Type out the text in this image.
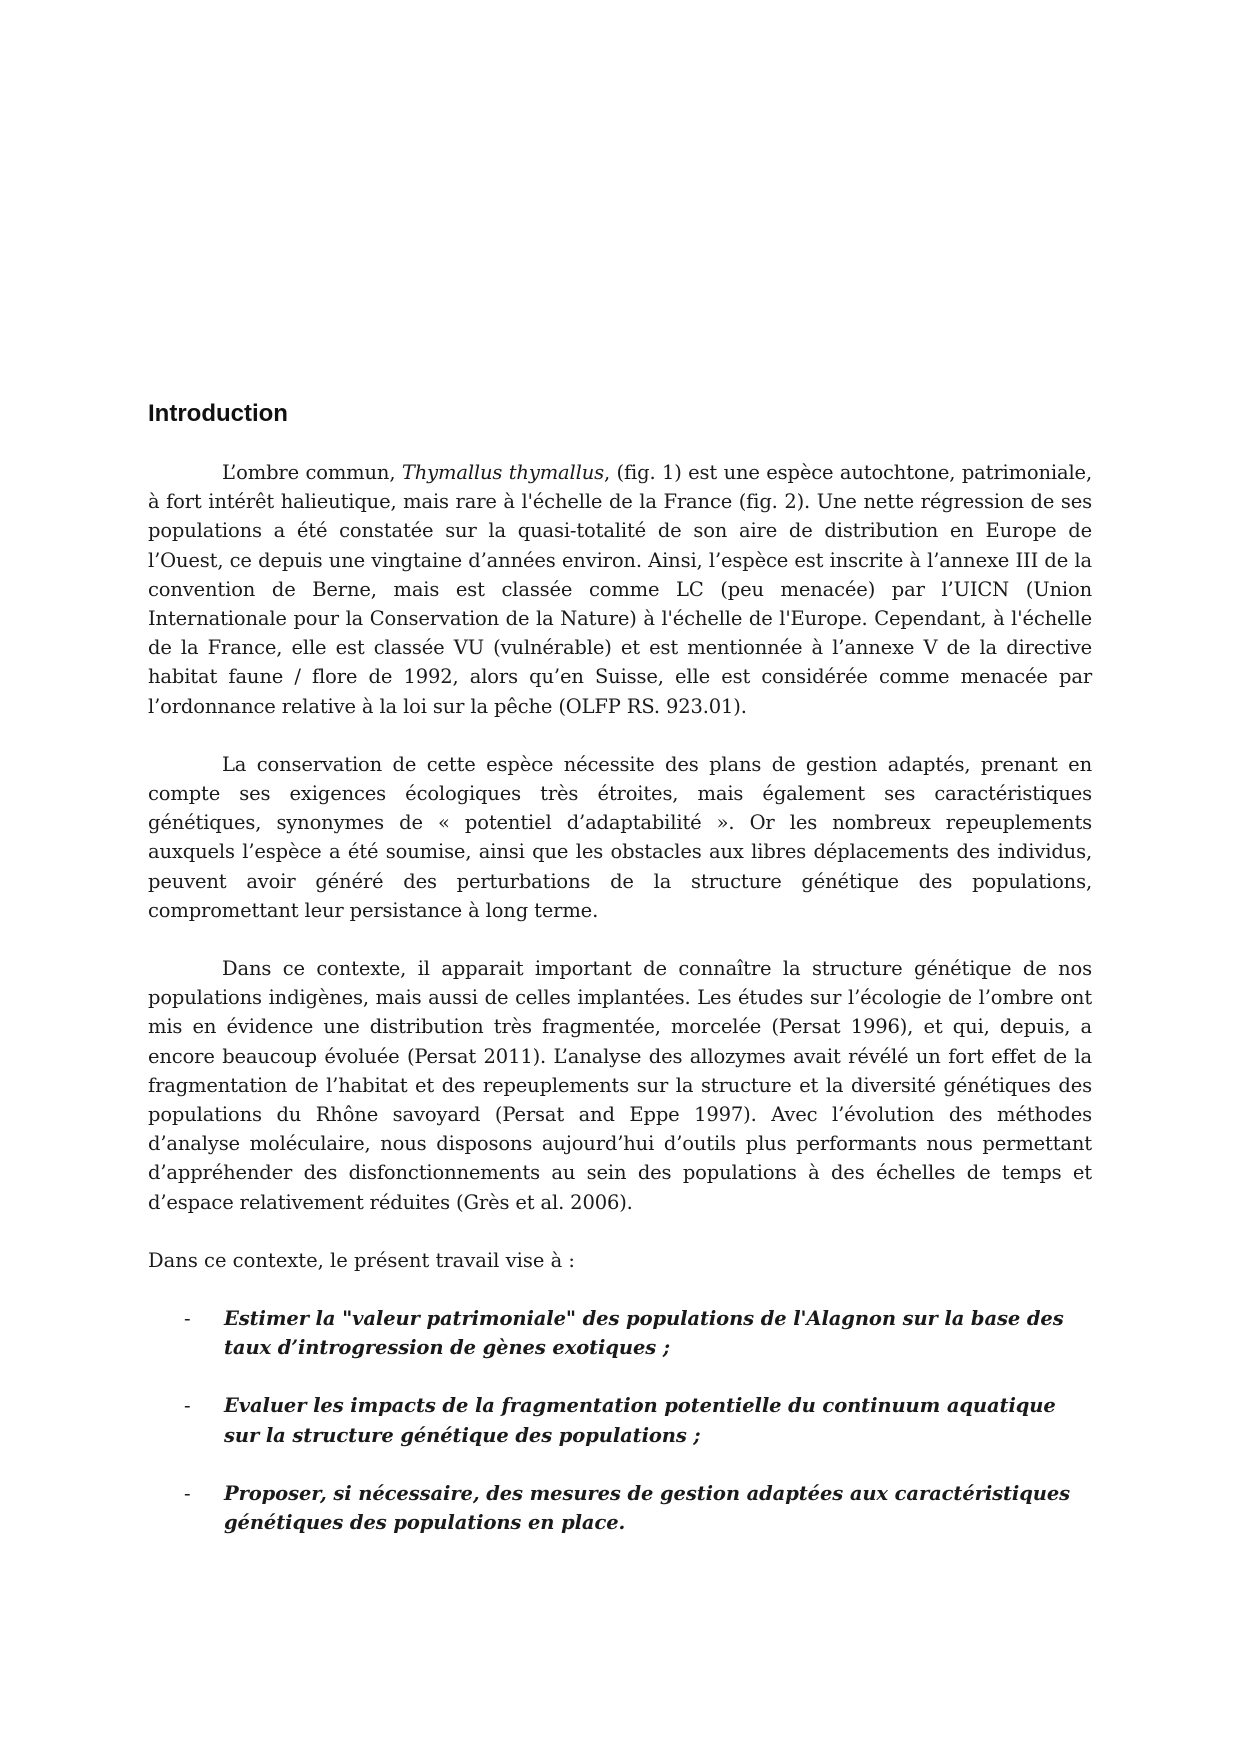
Introduction

L’ombre commun, Thymallus thymallus, (fig. 1) est une espèce autochtone, patrimoniale, à fort intérêt halieutique, mais rare à l'échelle de la France (fig. 2). Une nette régression de ses populations a été constatée sur la quasi-totalité de son aire de distribution en Europe de l’Ouest, ce depuis une vingtaine d’années environ. Ainsi, l’espèce est inscrite à l’annexe III de la convention de Berne, mais est classée comme LC (peu menacée) par l’UICN (Union Internationale pour la Conservation de la Nature) à l'échelle de l'Europe. Cependant, à l'échelle de la France, elle est classée VU (vulnérable) et est mentionnée à l’annexe V de la directive habitat faune / flore de 1992, alors qu’en Suisse, elle est considérée comme menacée par l’ordonnance relative à la loi sur la pêche (OLFP RS. 923.01).

La conservation de cette espèce nécessite des plans de gestion adaptés, prenant en compte ses exigences écologiques très étroites, mais également ses caractéristiques génétiques, synonymes de « potentiel d’adaptabilité ». Or les nombreux repeuplements auxquels l’espèce a été soumise, ainsi que les obstacles aux libres déplacements des individus, peuvent avoir généré des perturbations de la structure génétique des populations, compromettant leur persistance à long terme.

Dans ce contexte, il apparait important de connaître la structure génétique de nos populations indigènes, mais aussi de celles implantées. Les études sur l’écologie de l’ombre ont mis en évidence une distribution très fragmentée, morcelée (Persat 1996), et qui, depuis, a encore beaucoup évoluée (Persat 2011). L’analyse des allozymes avait révélé un fort effet de la fragmentation de l’habitat et des repeuplements sur la structure et la diversité génétiques des populations du Rhône savoyard (Persat and Eppe 1997). Avec l’évolution des méthodes d’analyse moléculaire, nous disposons aujourd’hui d’outils plus performants nous permettant d’appréhender des disfonctionnements au sein des populations à des échelles de temps et d’espace relativement réduites (Grès et al. 2006).

Dans ce contexte, le présent travail vise à :

- Estimer la "valeur patrimoniale" des populations de l'Alagnon sur la base des taux d’introgression de gènes exotiques ;
- Evaluer les impacts de la fragmentation potentielle du continuum aquatique sur la structure génétique des populations ;
- Proposer, si nécessaire, des mesures de gestion adaptées aux caractéristiques génétiques des populations en place.
